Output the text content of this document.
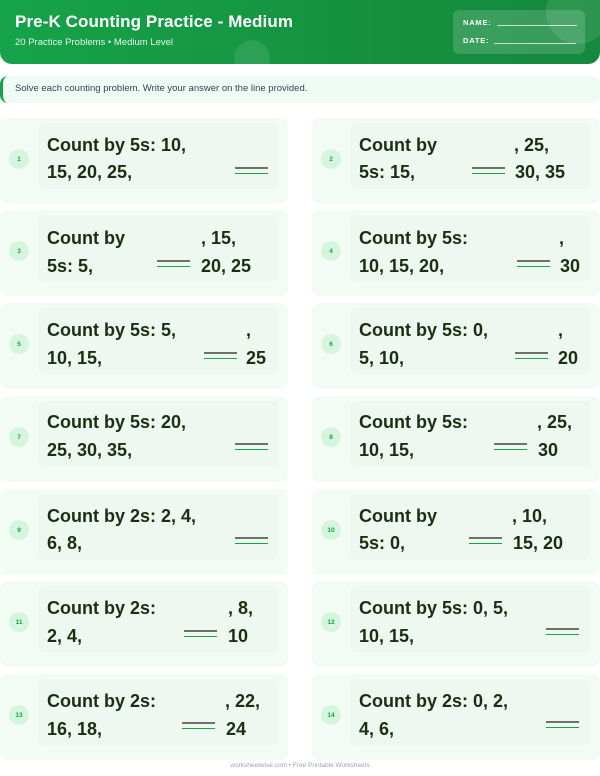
Pre-K Counting Practice - Medium
20 Practice Problems • Medium Level
NAME:
DATE:
Solve each counting problem. Write your answer on the line provided.
1
Count by 5s: 10,
15, 20, 25,
2
Count by	, 25,
5s: 15,	30, 35
3
Count by	, 15,
5s: 5,	20, 25
4
Count by 5s:	,
10, 15, 20,	30
5
Count by 5s: 5,	,
10, 15,	25
6
Count by 5s: 0,	,
5, 10,	20
7
Count by 5s: 20,
25, 30, 35,
8
Count by 5s:	, 25,
10, 15,	30
9
Count by 2s: 2, 4,
6, 8,
10
Count by	, 10,
5s: 0,	15, 20
11
Count by 2s:	, 8,
2, 4,	10
12
Count by 5s: 0, 5,
10, 15,
13
Count by 2s:	, 22,
16, 18,	24
14
Count by 2s: 0, 2,
4, 6,
worksheetwise.com • Free Printable Worksheets
